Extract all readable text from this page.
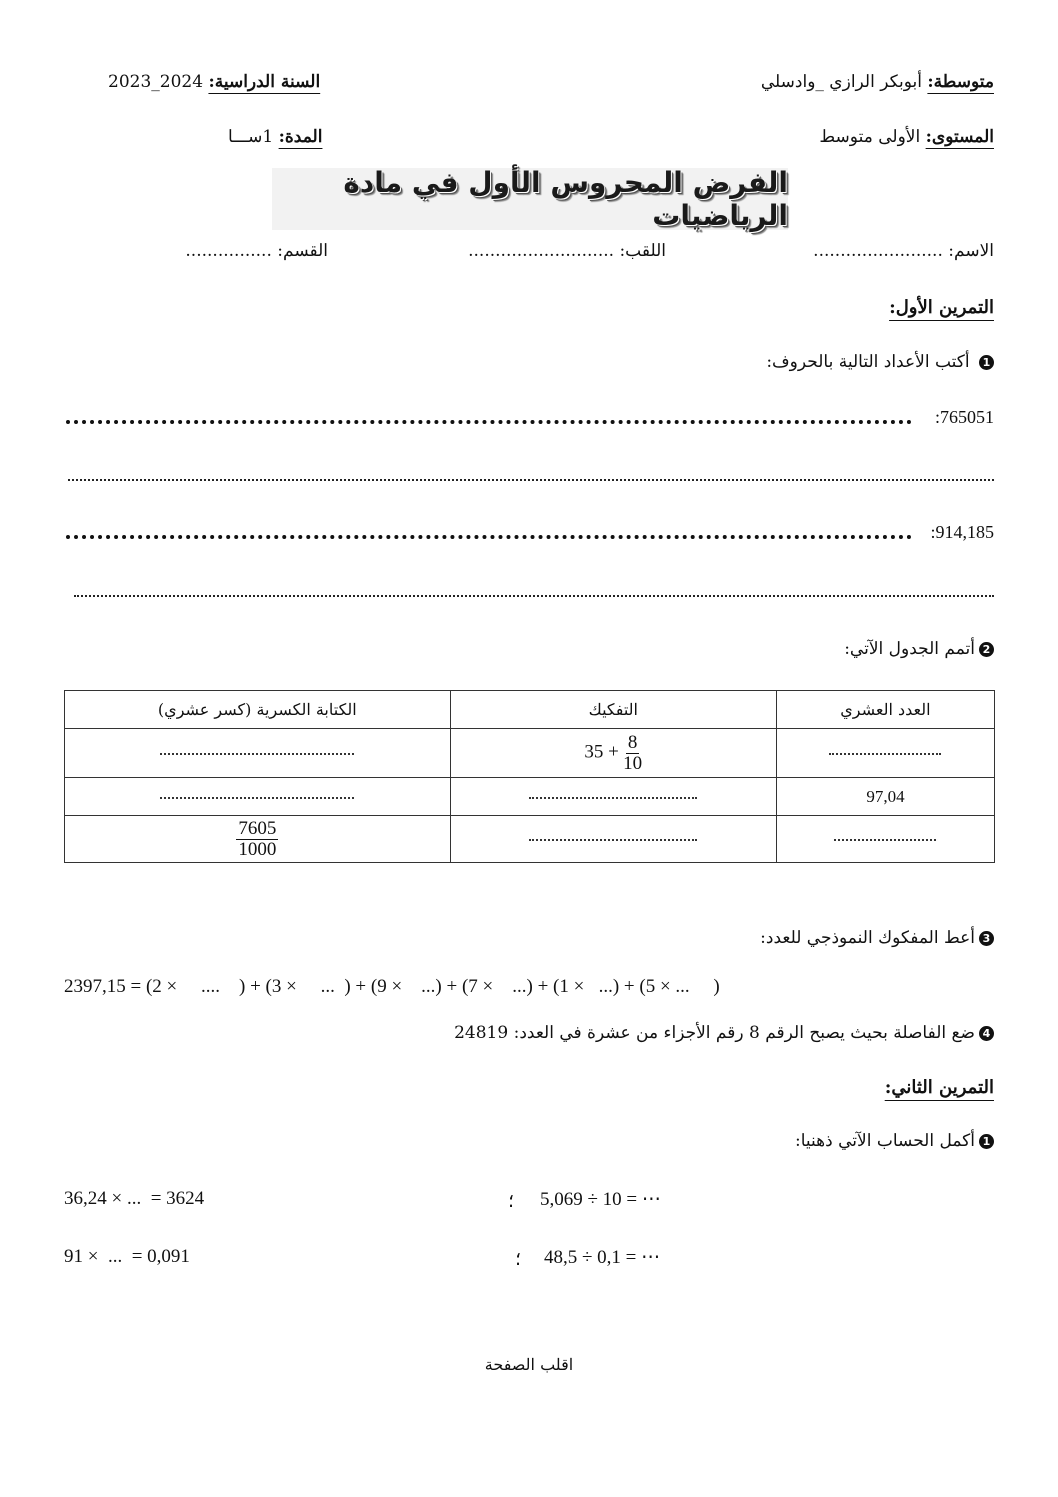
متوسطة: أبوبكر الرازي _وادسلي
السنة الدراسية: 2024_2023
المستوى: الأولى متوسط
المدة: 1ســـا
الفرض المحروس الأول في مادة الرياضيات
الاسم: ........................
اللقب: ...........................
القسم: ................
التمرين الأول:
1 أكتب الأعداد التالية بالحروف:
:765051
:914,185
2أتمم الجدول الآتي:
الكتابة الكسرية (كسر عشري)	التفكيك	العدد العشري
	$35 + \frac{8}{10}$

		97,04

$\frac{7605}{1000}$

3أعط المفكوك النموذجي للعدد:
2397,15 = (2 ×     ....    ) + (3 ×     ...  ) + (9 ×    ...) + (7 ×    ...) + (1 ×   ...) + (5 × ...     )
4ضع الفاصلة بحيث يصبح الرقم 8 رقم الأجزاء من عشرة في العدد: 24819
التمرين الثاني:
1أكمل الحساب الآتي ذهنيا:
36,24 × ...  = 3624	؛ 5,069 ÷ 10 = ⋯
91 ×  ...  = 0,091	؛ 48,5 ÷ 0,1 = ⋯
اقلب الصفحة
